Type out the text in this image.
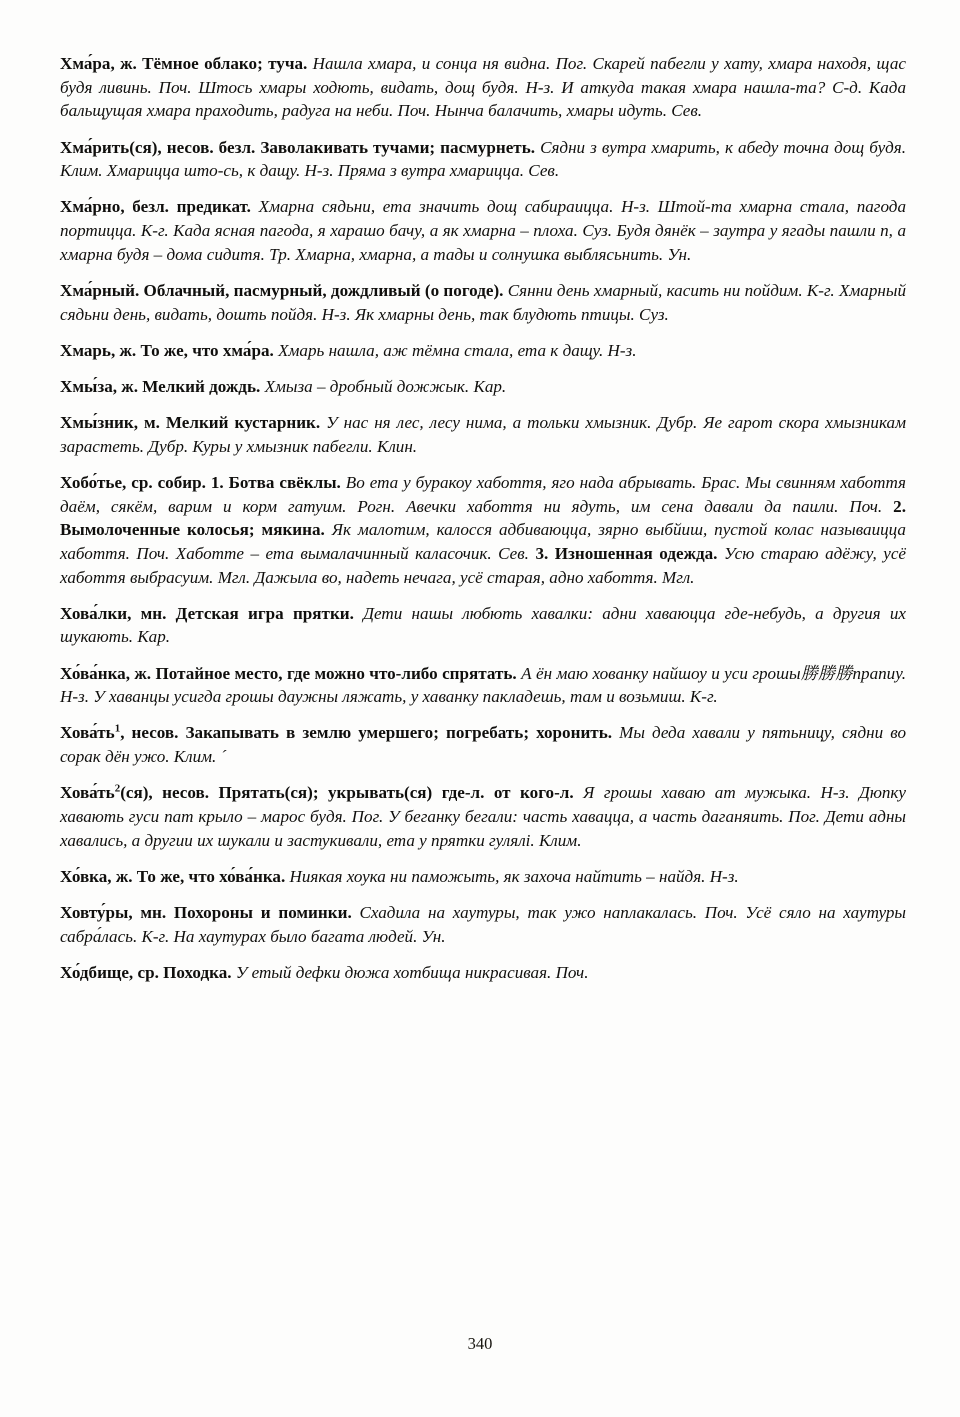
Хма́ра, ж. Тёмное облако; туча. Нашла хмара, и сонца ня видна. Пог. Скарей пабегли у хату, хмара находя, щас будя ливинь. Поч. Штось хмары ходють, видать, дощ будя. Н-з. И аткуда такая хмара нашла-та? С-д. Када бальщущая хмара праходить, радуга на неби. Поч. Нынча балачить, хмары идуть. Сев.

Хма́рить(ся), несов. безл. Заволакивать тучами; пасмурнеть. Сядни з вутра хмарить, к абеду точна дощ будя. Клим. Хмарицца што-сь, к дащу. Н-з. Пряма з вутра хмарицца. Сев.

Хма́рно, безл. предикат. Хмарна сядьни, ета значить дощ сабираицца. Н-з. Штой-та хмарна стала, пагода портицца. К-г. Када ясная пагода, я харашо бачу, а як хмарна – плоха. Суз. Будя дянёк – заутра у ягады пашли п, а хмарна будя – дома сидитя. Тр. Хмарна, хмарна, а тады и солнушка выблясьнить. Ун.

Хма́рный. Облачный, пасмурный, дождливый (о погоде). Сянни день хмарный, касить ни пойдим. К-г. Хмарный сядьни день, видать, дошть пойдя. Н-з. Як хмарны день, так блудють птицы. Суз.

Хмарь, ж. То же, что хма́ра. Хмарь нашла, аж тёмна стала, ета к дащу. Н-з.

Хмы́за, ж. Мелкий дождь. Хмыза – дробный дожжык. Кар.

Хмы́зник, м. Мелкий кустарник. У нас ня лес, лесу нима, а тольки хмызник. Дубр. Яе гарот скора хмызникам зарастеть. Дубр. Куры у хмызник пабегли. Клин.

Хобо́тье, ср. собир. 1. Ботва свёклы. Во ета у буракоу хабоття, яго нада абрывать. Брас. Мы свинням хабоття даём, сякём, варим и корм гатуим. Рогн. Авечки хабоття ни ядуть, им сена давали да паили. Поч. 2. Вымолоченные колосья; мякина. Як малотим, калосся адбиваюцца, зярно выбйиш, пустой колас называицца хабоття. Поч. Хаботте – ета вымалачинный каласочик. Сев. 3. Изношенная одежда. Усю стараю адёжу, усё хабоття выбрасуим. Мгл. Дажыла во, надеть нечага, усё старая, адно хабоття. Мгл.

Хова́лки, мн. Детская игра прятки. Дети нашы любють хавалки: адни хаваюцца где-небудь, а другия их шукають. Кар.

Хо́ва́нка, ж. Потайное место, где можно что-либо спрятать. А ён маю хованку найшоу и уси грошы勝勝勝прапиу. Н-з. У хаванцы усигда грошы даужны ляжать, у хаванку пакладешь, там и возьмиш. К-г.

$Хова́ть^1$, несов. Закапывать в землю умершего; погребать; хоронить. Мы деда хавали у пятьницу, сядни во сорак дён ужо. Клим. ´

$Хова́ть^2(ся)$, несов. Прятать(ся); укрывать(ся) где-л. от кого-л. Я грошы хаваю ат мужыка. Н-з. Дюпку хавають гуси пат крыло – марос будя. Пог. У беганку бегали: часть хавацца, а часть даганяить. Пог. Дети адны хавались, а другии их шукали и застукивали, ета у прятки гулялі. Клим.

Хо́вка, ж. То же, что хо́ва́нка. Ниякая хоука ни паможыть, як захоча найтить – найдя. Н-з.

Ховту́ры, мн. Похороны и поминки. Схадила на хаутуры, так ужо наплакалась. Поч. Усё сяло на хаутуры сабра́лась. К-г. На хаутурах было багата людей. Ун.

Хо́дбище, ср. Походка. У етый дефки дюжа хотбища никрасивая. Поч.

340
